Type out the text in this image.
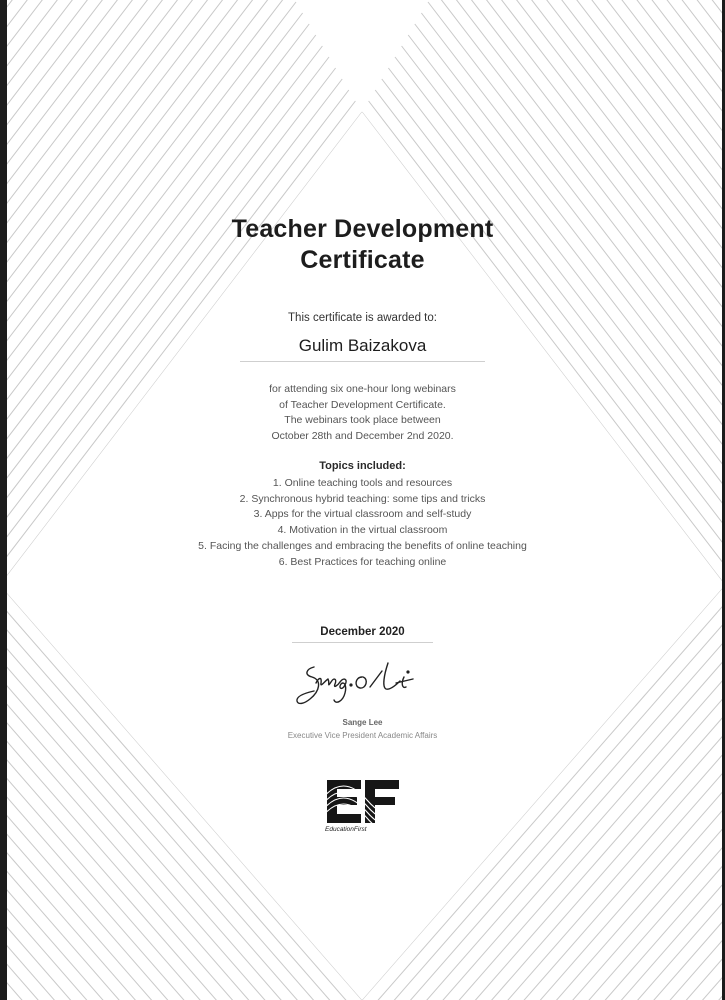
Teacher Development
Certificate
This certificate is awarded to:
Gulim Baizakova
for attending six one-hour long webinars
of Teacher Development Certificate.
The webinars took place between
October 28th and December 2nd 2020.
Topics included:
1. Online teaching tools and resources
2. Synchronous hybrid teaching: some tips and tricks
3. Apps for the virtual classroom and self-study
4. Motivation in the virtual classroom
5. Facing the challenges and embracing the benefits of online teaching
6. Best Practices for teaching online
December 2020
Sange Lee
Executive Vice President Academic Affairs
EducationFirst
